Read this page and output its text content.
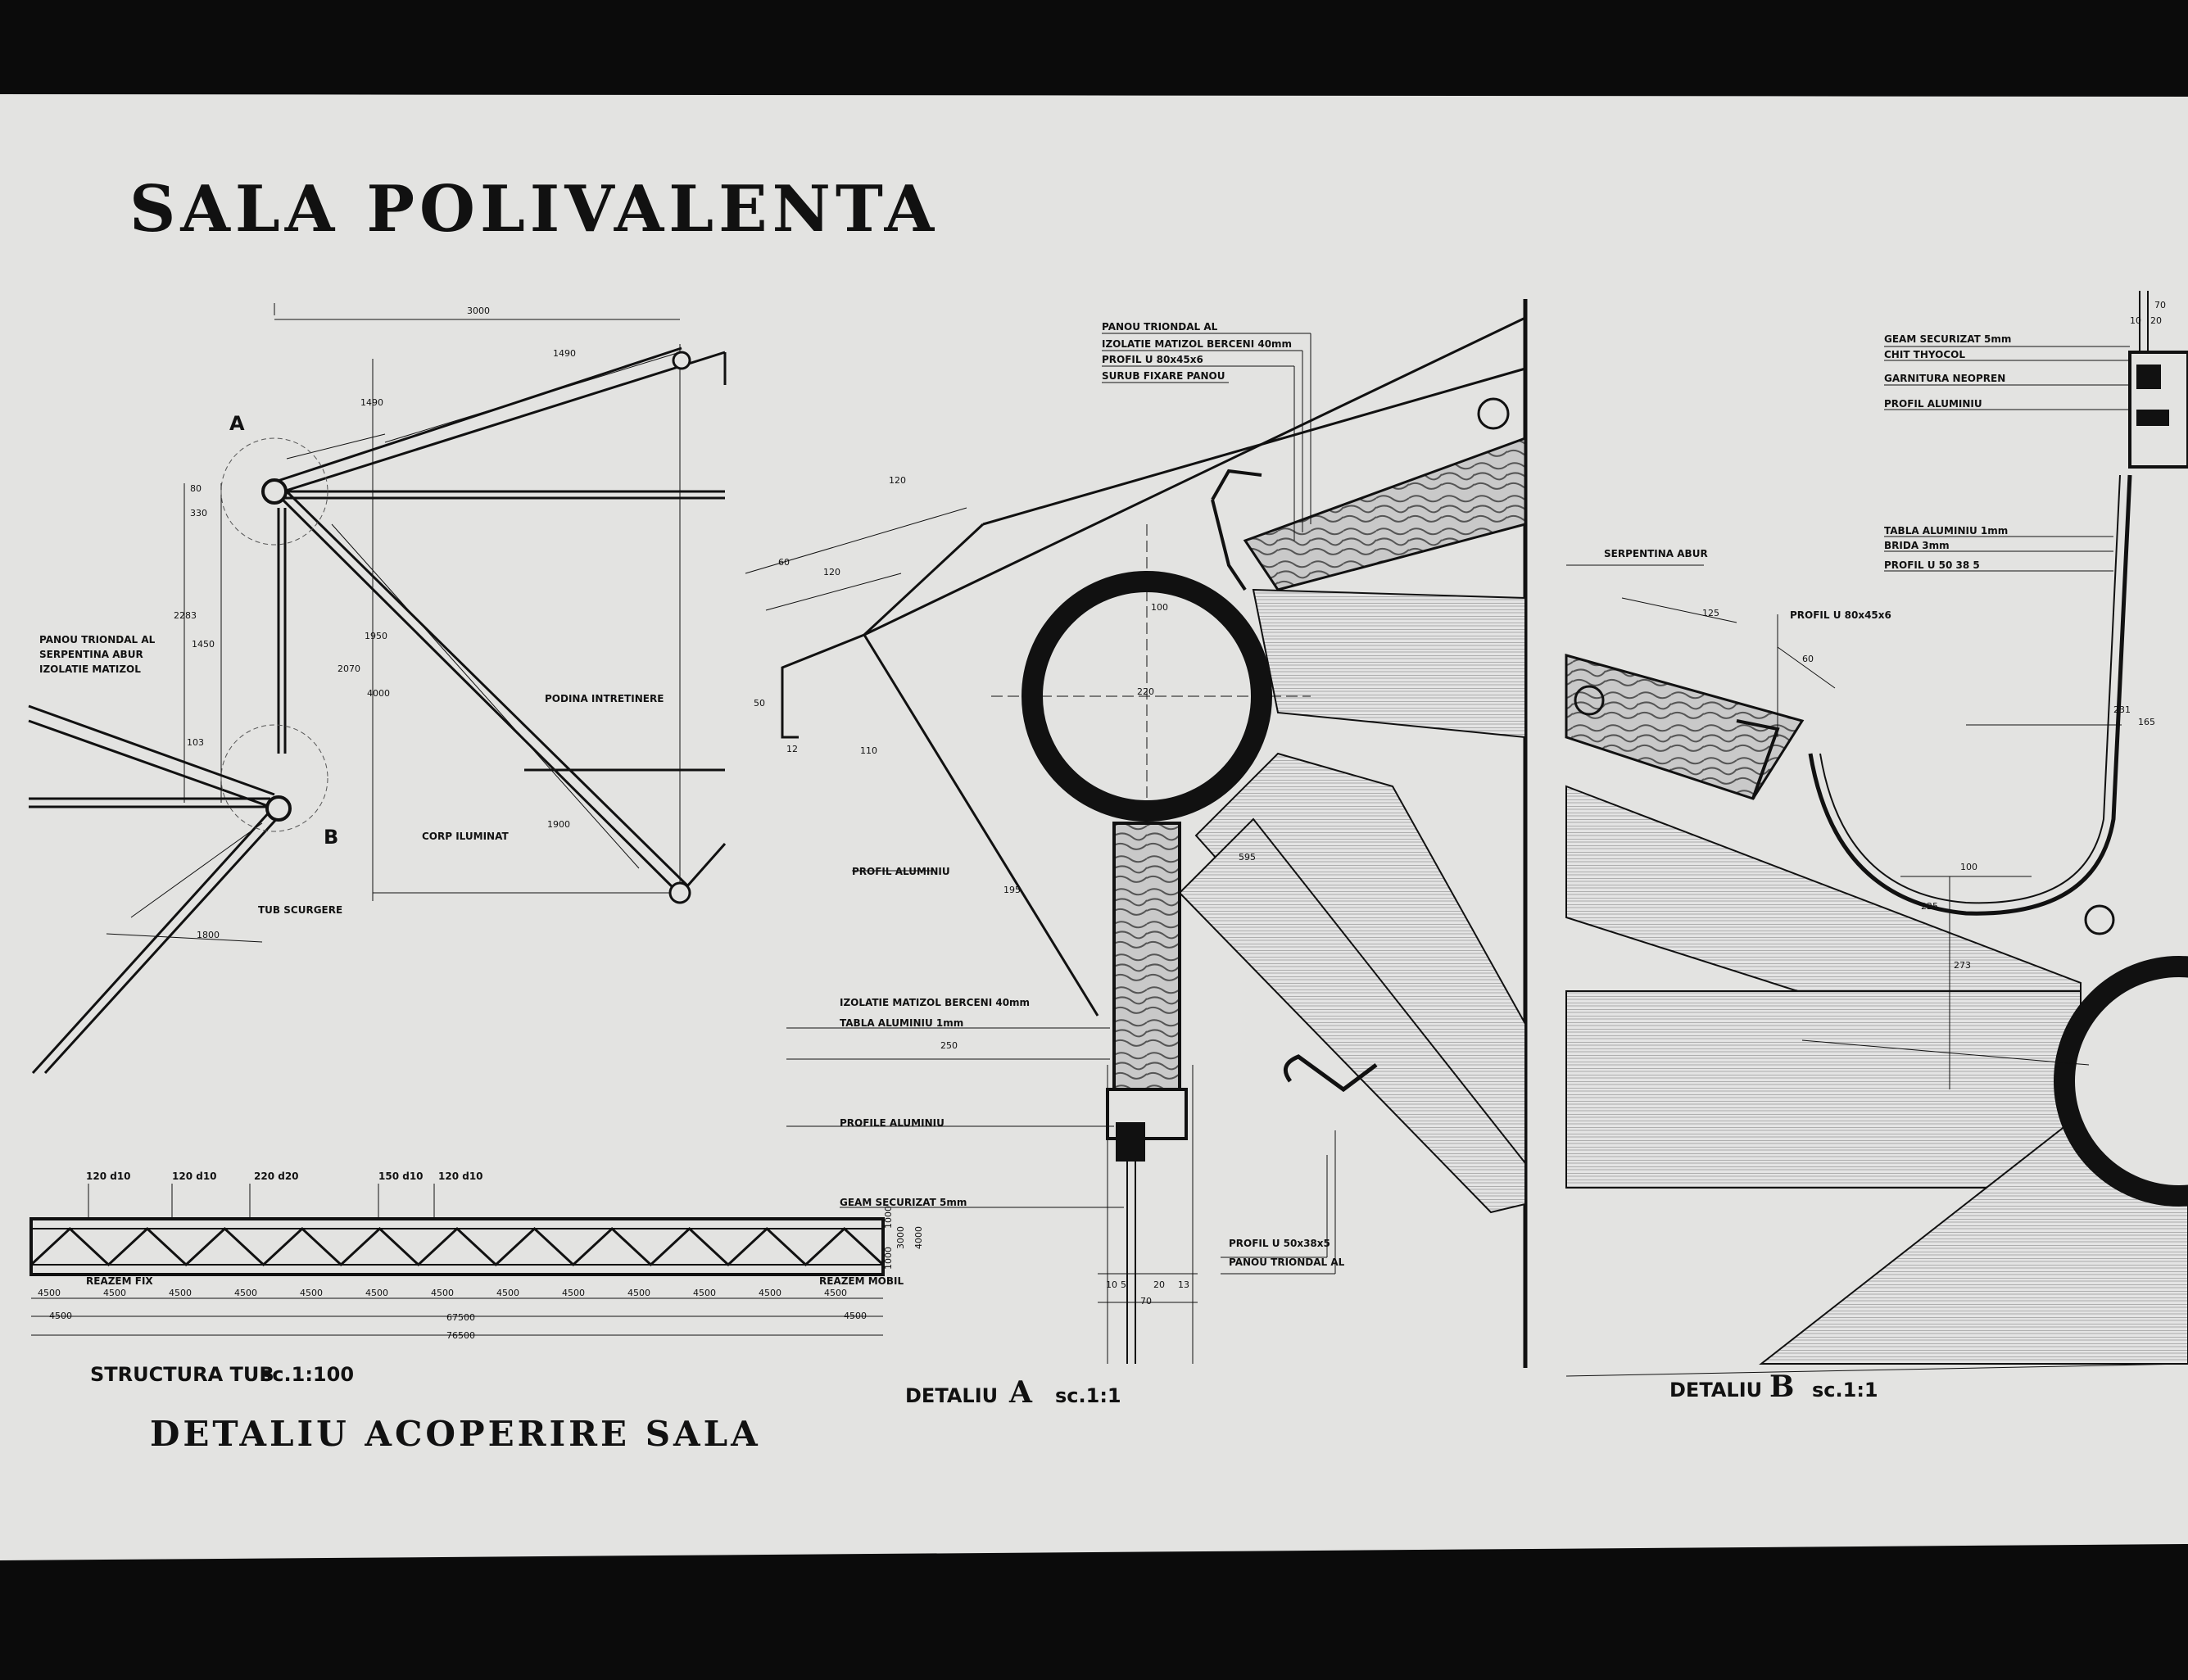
SALA POLIVALENTA
DETALIU ACOPERIRE SALA
A
B
PANOU TRIONDAL AL
SERPENTINA ABUR
IZOLATIE MATIZOL
PODINA INTRETINERE
CORP ILUMINAT
TUB SCURGERE
3000
1490
1490
330
80
2283
1450
1950
2070
4000
1900
1800
103
120 d10	120 d10	220 d20	150 d10 120 d10
REAZEM FIX	REAZEM MOBIL
4500	4500	4500	4500	4500	4500	4500	4500	4500	4500	4500	4500	4500
4500	4500
67500
76500
1000
3000
1000
4000
STRUCTURA TUB
sc.1:100
PANOU TRIONDAL AL
IZOLATIE MATIZOL BERCENI 40mm
PROFIL U 80x45x6
SURUB FIXARE PANOU
PROFIL ALUMINIU
IZOLATIE MATIZOL BERCENI 40mm
TABLA ALUMINIU 1mm
PROFILE ALUMINIU
GEAM SECURIZAT 5mm
PROFIL U 50x38x5
PANOU TRIONDAL AL
60
120
120
50
12	110
195
250
100
220
595
70
10 5	20 13
DETALIU A sc.1:1
SERPENTINA ABUR
PROFIL U 80x45x6
GEAM SECURIZAT 5mm
CHIT THYOCOL
GARNITURA NEOPREN
PROFIL ALUMINIU
TABLA ALUMINIU 1mm
BRIDA 3mm
PROFIL U 50 38 5
70
125
60
100
165
231
273
225
10 20
DETALIU B sc.1:1
